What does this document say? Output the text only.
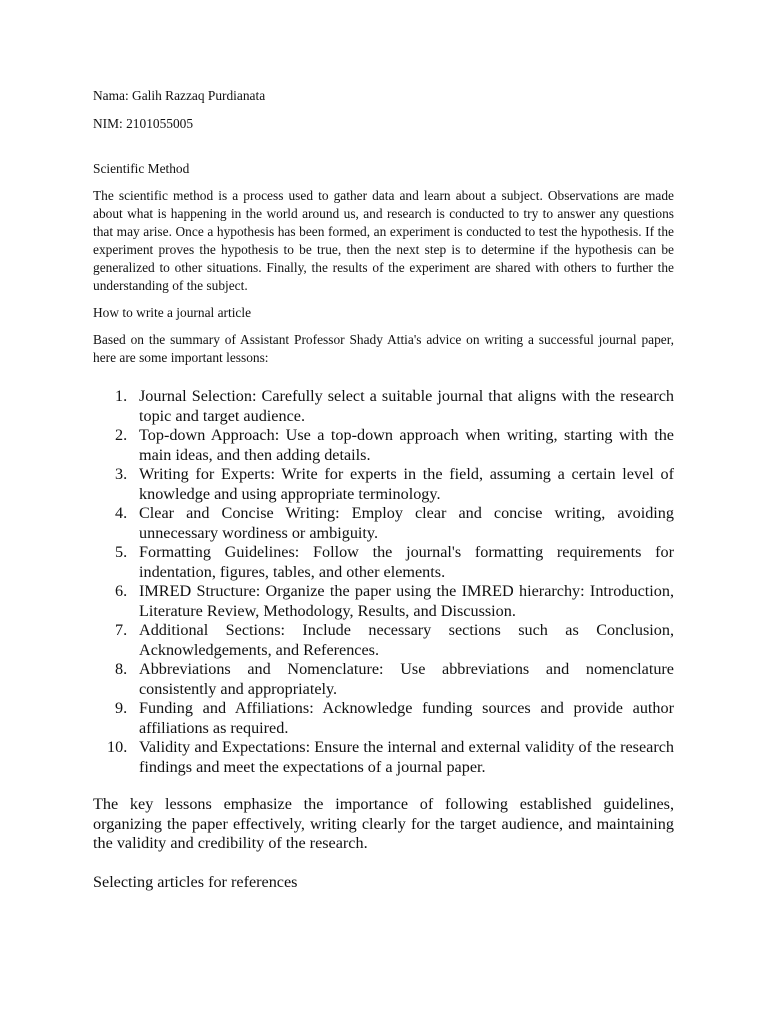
Nama: Galih Razzaq Purdianata

NIM: 2101055005

Scientific Method

The scientific method is a process used to gather data and learn about a subject. Observations are made about what is happening in the world around us, and research is conducted to try to answer any questions that may arise. Once a hypothesis has been formed, an experiment is conducted to test the hypothesis. If the experiment proves the hypothesis to be true, then the next step is to determine if the hypothesis can be generalized to other situations. Finally, the results of the experiment are shared with others to further the understanding of the subject.

How to write a journal article

Based on the summary of Assistant Professor Shady Attia's advice on writing a successful journal paper, here are some important lessons:

1. Journal Selection: Carefully select a suitable journal that aligns with the research topic and target audience.
2. Top-down Approach: Use a top-down approach when writing, starting with the main ideas, and then adding details.
3. Writing for Experts: Write for experts in the field, assuming a certain level of knowledge and using appropriate terminology.
4. Clear and Concise Writing: Employ clear and concise writing, avoiding unnecessary wordiness or ambiguity.
5. Formatting Guidelines: Follow the journal's formatting requirements for indentation, figures, tables, and other elements.
6. IMRED Structure: Organize the paper using the IMRED hierarchy: Introduction, Literature Review, Methodology, Results, and Discussion.
7. Additional Sections: Include necessary sections such as Conclusion, Acknowledgements, and References.
8. Abbreviations and Nomenclature: Use abbreviations and nomenclature consistently and appropriately.
9. Funding and Affiliations: Acknowledge funding sources and provide author affiliations as required.
10. Validity and Expectations: Ensure the internal and external validity of the research findings and meet the expectations of a journal paper.

The key lessons emphasize the importance of following established guidelines, organizing the paper effectively, writing clearly for the target audience, and maintaining the validity and credibility of the research.

Selecting articles for references
